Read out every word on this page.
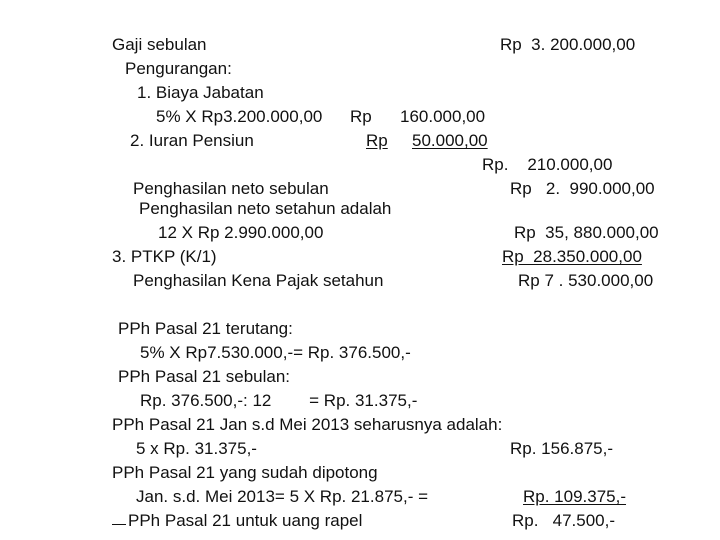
Gaji sebulan	Rp  3. 200.000,00
Pengurangan:
1. Biaya Jabatan
5% X Rp3.200.000,00 Rp 160.000,00
2. Iuran Pensiun	Rp 50.000,00
Rp.    210.000,00
Penghasilan neto sebulan	Rp   2.  990.000,00
Penghasilan neto setahun adalah
12 X Rp 2.990.000,00	Rp  35, 880.000,00
3. PTKP (K/1)	Rp  28.350.000,00
Penghasilan Kena Pajak setahun	Rp 7 . 530.000,00
PPh Pasal 21 terutang:
5% X Rp7.530.000,-= Rp. 376.500,-
PPh Pasal 21 sebulan:
Rp. 376.500,-: 12        = Rp. 31.375,-
PPh Pasal 21 Jan s.d Mei 2013 seharusnya adalah:
5 x Rp. 31.375,-	Rp. 156.875,-
PPh Pasal 21 yang sudah dipotong
Jan. s.d. Mei 2013= 5 X Rp. 21.875,- =	Rp. 109.375,-
PPh Pasal 21 untuk uang rapel	Rp.   47.500,-
